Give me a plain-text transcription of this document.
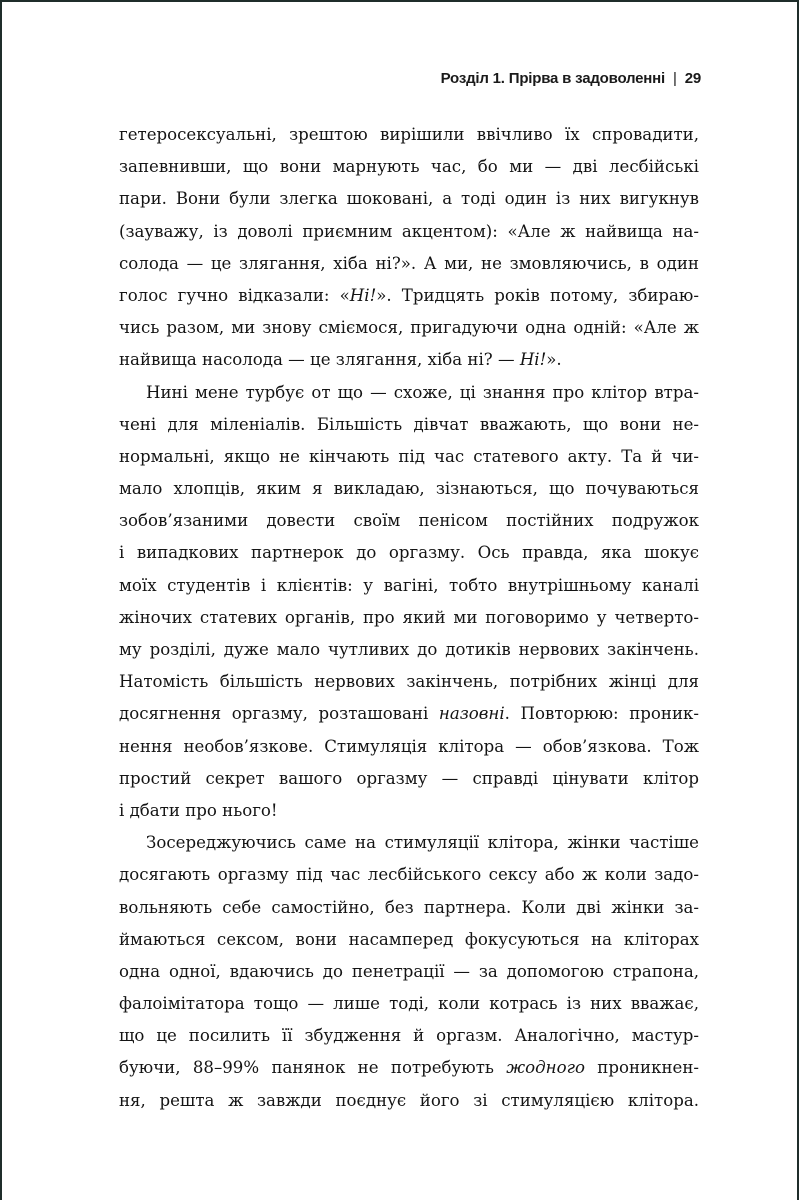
Розділ 1. Прірва в задоволенні | 29
гетеросексуальні, зрештою вирішили ввічливо їх спровадити,
запевнивши, що вони марнують час, бо ми — дві лесбійські
пари. Вони були злегка шоковані, а тоді один із них вигукнув
(зауважу, із доволі приємним акцентом): «Але ж найвища на-
солода — це злягання, хіба ні?». А ми, не змовляючись, в один
голос гучно відказали: «Ні!». Тридцять років потому, збираю-
чись разом, ми знову сміємося, пригадуючи одна одній: «Але ж
найвища насолода — це злягання, хіба ні? — Ні!».
Нині мене турбує от що — схоже, ці знання про клітор втра-
чені для міленіалів. Більшість дівчат вважають, що вони не-
нормальні, якщо не кінчають під час статевого акту. Та й чи-
мало хлопців, яким я викладаю, зізнаються, що почуваються
зобов’язаними довести своїм пенісом постійних подружок
і випадкових партнерок до оргазму. Ось правда, яка шокує
моїх студентів і клієнтів: у вагіні, тобто внутрішньому каналі
жіночих статевих органів, про який ми поговоримо у четверто-
му розділі, дуже мало чутливих до дотиків нервових закінчень.
Натомість більшість нервових закінчень, потрібних жінці для
досягнення оргазму, розташовані назовні. Повторюю: проник-
нення необов’язкове. Стимуляція клітора — обов’язкова. Тож
простий секрет вашого оргазму — справді цінувати клітор
і дбати про нього!
Зосереджуючись саме на стимуляції клітора, жінки частіше
досягають оргазму під час лесбійського сексу або ж коли задо-
вольняють себе самостійно, без партнера. Коли дві жінки за-
ймаються сексом, вони насамперед фокусуються на кліторах
одна одної, вдаючись до пенетрації — за допомогою страпона,
фалоімітатора тощо — лише тоді, коли котрась із них вважає,
що це посилить її збудження й оргазм. Аналогічно, мастур-
буючи, 88–99% панянок не потребують жодного проникнен-
ня, решта ж завжди поєднує його зі стимуляцією клітора.
